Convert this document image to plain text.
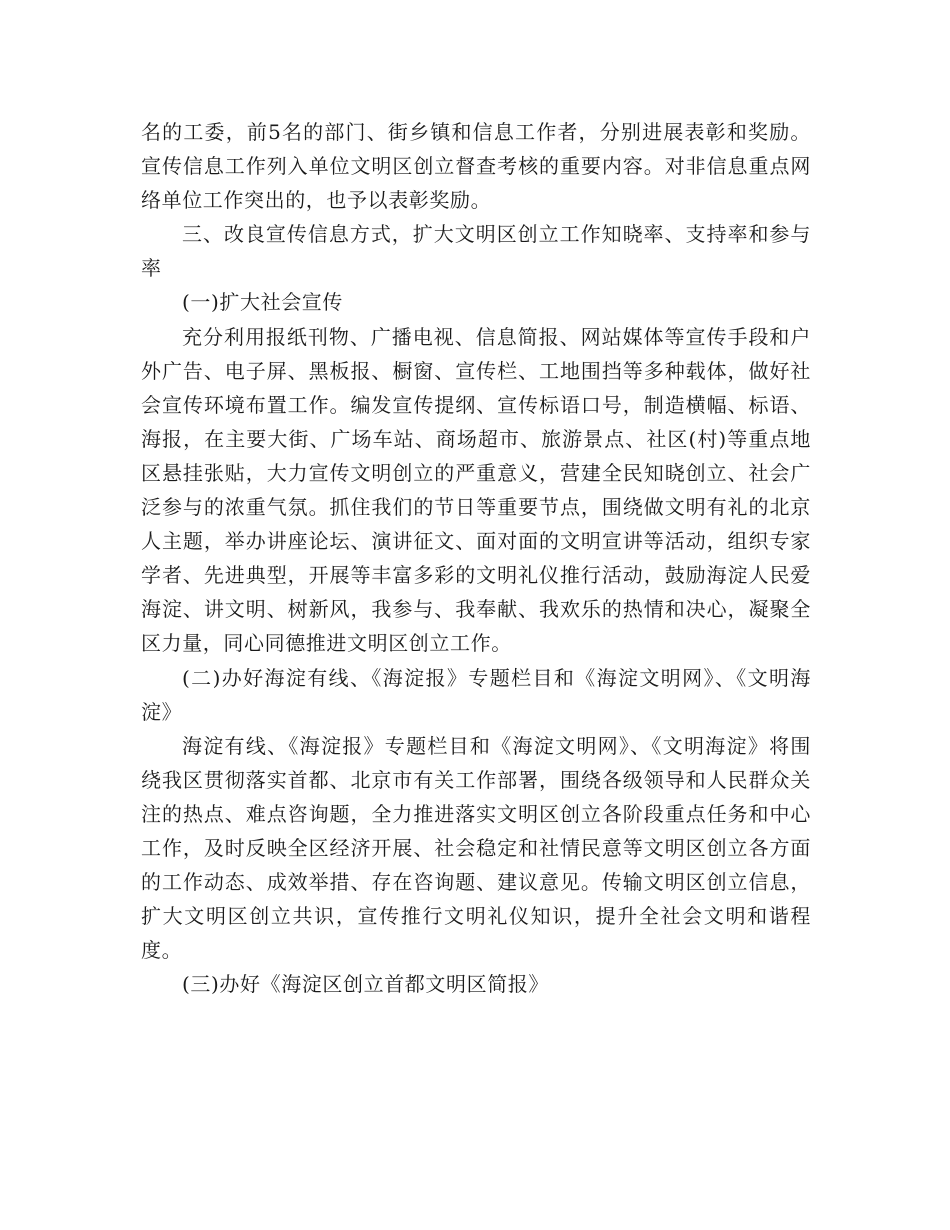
名的工委，前5名的部门、街乡镇和信息工作者，分别进展表彰和奖励。宣传信息工作列入单位文明区创立督查考核的重要内容。对非信息重点网络单位工作突出的，也予以表彰奖励。

三、改良宣传信息方式，扩大文明区创立工作知晓率、支持率和参与率

(一)扩大社会宣传

充分利用报纸刊物、广播电视、信息简报、网站媒体等宣传手段和户外广告、电子屏、黑板报、橱窗、宣传栏、工地围挡等多种载体，做好社会宣传环境布置工作。编发宣传提纲、宣传标语口号，制造横幅、标语、海报，在主要大街、广场车站、商场超市、旅游景点、社区(村)等重点地区悬挂张贴，大力宣传文明创立的严重意义，营建全民知晓创立、社会广泛参与的浓重气氛。抓住我们的节日等重要节点，围绕做文明有礼的北京人主题，举办讲座论坛、演讲征文、面对面的文明宣讲等活动，组织专家学者、先进典型，开展等丰富多彩的文明礼仪推行活动，鼓励海淀人民爱海淀、讲文明、树新风，我参与、我奉献、我欢乐的热情和决心，凝聚全区力量，同心同德推进文明区创立工作。

(二)办好海淀有线、《海淀报》专题栏目和《海淀文明网》、《文明海淀》

海淀有线、《海淀报》专题栏目和《海淀文明网》、《文明海淀》将围绕我区贯彻落实首都、北京市有关工作部署，围绕各级领导和人民群众关注的热点、难点咨询题，全力推进落实文明区创立各阶段重点任务和中心工作，及时反映全区经济开展、社会稳定和社情民意等文明区创立各方面的工作动态、成效举措、存在咨询题、建议意见。传输文明区创立信息，扩大文明区创立共识，宣传推行文明礼仪知识，提升全社会文明和谐程度。

(三)办好《海淀区创立首都文明区简报》
